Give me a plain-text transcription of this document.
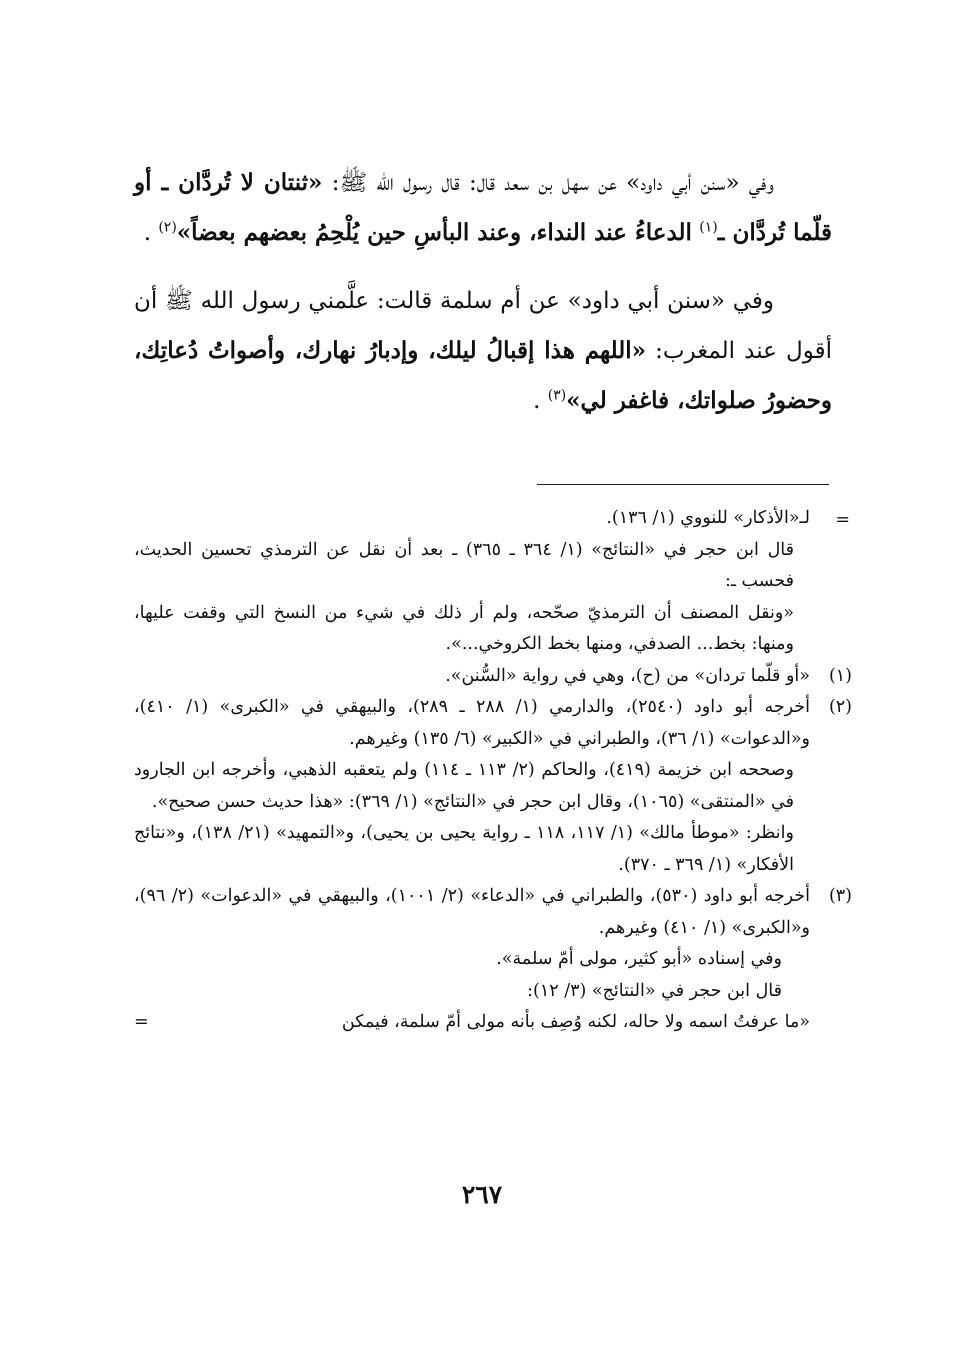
وفي «سنن أبي داود» عن سهل بن سعد قال: قال رسول الله ﷺ: «ثنتان لا تُردَّان ـ أو قلّما تُردَّان ـ$^{(١)}$ الدعاءُ عند النداء، وعند البأسِ حين يُلْحِمُ بعضهم بعضاً»$^{(٢)}$ .

وفي «سنن أبي داود» عن أم سلمة قالت: علَّمني رسول الله ﷺ أن أقول عند المغرب: «اللهم هذا إقبالُ ليلك، وإدبارُ نهارك، وأصواتُ دُعاتِك، وحضورُ صلواتك، فاغفر لي»$^{(٣)}$ .

=
لـ«الأذكار» للنووي (١/ ١٣٦).
قال ابن حجر في «النتائج» (١/ ٣٦٤ ـ ٣٦٥) ـ بعد أن نقل عن الترمذي تحسين الحديث، فحسب ـ:
«ونقل المصنف أن الترمذيّ صحّحه، ولم أر ذلك في شيء من النسخ التي وقفت عليها، ومنها: بخط... الصدفي، ومنها بخط الكروخي...».
(١)
«أو قلّما تردان» من (ح)، وهي في رواية «السُّنن».
(٢)
أخرجه أبو داود (٢٥٤٠)، والدارمي (١/ ٢٨٨ ـ ٢٨٩)، والبيهقي في «الكبرى» (١/ ٤١٠)، و«الدعوات» (١/ ٣٦)، والطبراني في «الكبير» (٦/ ١٣٥) وغيرهم.
وصححه ابن خزيمة (٤١٩)، والحاكم (٢/ ١١٣ ـ ١١٤) ولم يتعقبه الذهبي، وأخرجه ابن الجارود في «المنتقى» (١٠٦٥)، وقال ابن حجر في «النتائج» (١/ ٣٦٩): «هذا حديث حسن صحيح».
وانظر: «موطأ مالك» (١/ ١١٧، ١١٨ ـ رواية يحيى بن يحيى)، و«التمهيد» (٢١/ ١٣٨)، و«نتائج الأفكار» (١/ ٣٦٩ ـ ٣٧٠).
(٣)
أخرجه أبو داود (٥٣٠)، والطبراني في «الدعاء» (٢/ ١٠٠١)، والبيهقي في «الدعوات» (٢/ ٩٦)، و«الكبرى» (١/ ٤١٠) وغيرهم.
وفي إسناده «أبو كثير، مولى أمّ سلمة».
قال ابن حجر في «النتائج» (٣/ ١٢):
«ما عرفتُ اسمه ولا حاله، لكنه وُصِف بأنه مولى أمّ سلمة، فيمكن
=
٢٦٧
